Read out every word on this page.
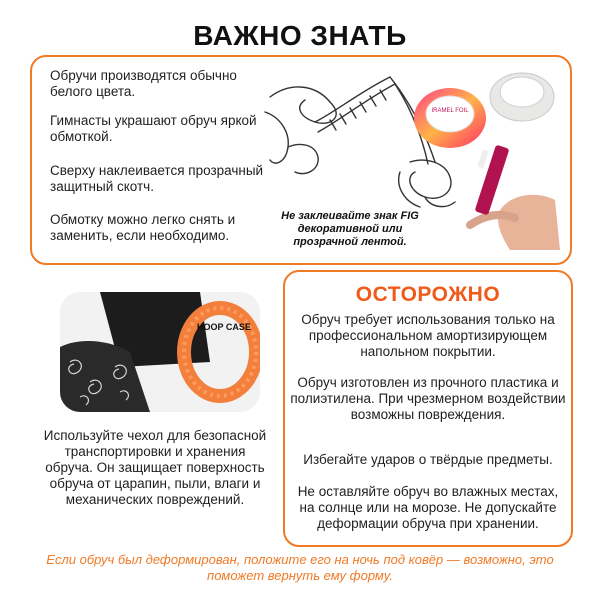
ВАЖНО ЗНАТЬ
Обручи производятся обычно белого цвета.
Гимнасты украшают обруч яркой обмоткой.
Сверху наклеивается прозрачный защитный скотч.
Обмотку можно легко снять и заменить, если необходимо.
IRAMEL FOIL
Не заклеивайте знак FIG декоративной или прозрачной лентой.
HOOP CASE
Используйте чехол для безопасной транспортировки и хранения обруча. Он защищает поверхность обруча от царапин, пыли, влаги и механических повреждений.
ОСТОРОЖНО
Обруч требует использования только на профессиональном амортизирующем напольном покрытии.
Обруч изготовлен из прочного пластика и полиэтилена. При чрезмерном воздействии возможны повреждения.
Избегайте ударов о твёрдые предметы.
Не оставляйте обруч во влажных местах, на солнце или на морозе. Не допускайте деформации обруча при хранении.
Если обруч был деформирован, положите его на ночь под ковёр — возможно, это поможет вернуть ему форму.
